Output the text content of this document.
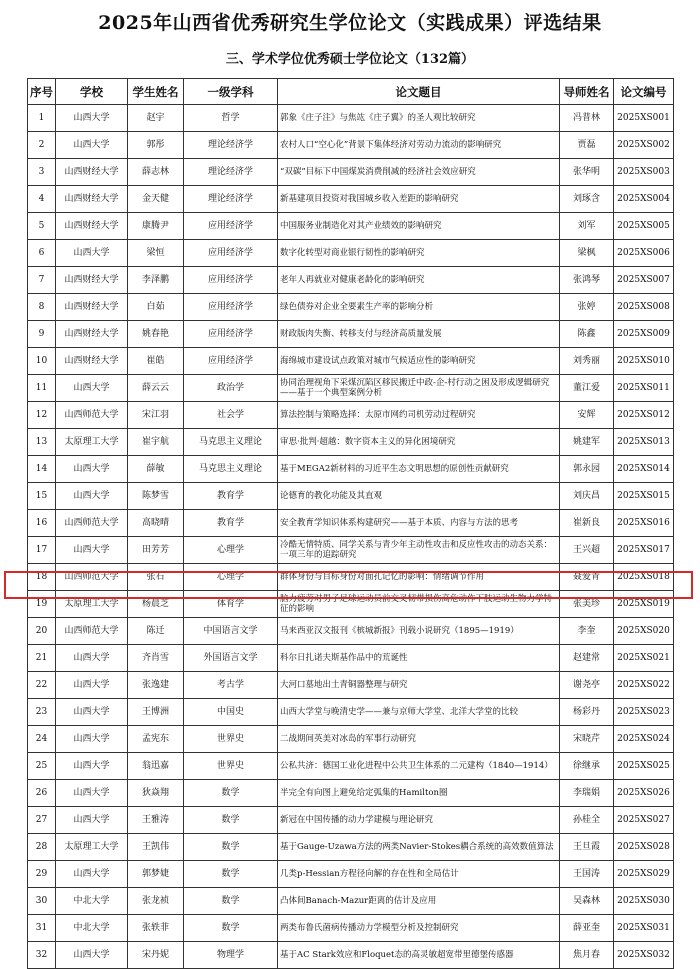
2025年山西省优秀研究生学位论文（实践成果）评选结果
三、学术学位优秀硕士学位论文（132篇）
序号	学校	学生姓名	一级学科	论文题目	导师姓名	论文编号
1	山西大学	赵宇	哲学	郭象《庄子注》与焦竑《庄子翼》的圣人观比较研究	冯普林	2025XS001
2	山西大学	郭彤	理论经济学	农村人口“空心化”背景下集体经济对劳动力流动的影响研究	贾磊	2025XS002
3	山西财经大学	薛志林	理论经济学	“双碳”目标下中国煤炭消费削减的经济社会效应研究	张华明	2025XS003
4	山西财经大学	金天健	理论经济学	新基建项目投资对我国城乡收入差距的影响研究	刘琢含	2025XS004
5	山西财经大学	康腾尹	应用经济学	中国服务业制造化对其产业绩效的影响研究	刘军	2025XS005
6	山西大学	梁恒	应用经济学	数字化转型对商业银行韧性的影响研究	梁枫	2025XS006
7	山西财经大学	李泽鹏	应用经济学	老年人再就业对健康老龄化的影响研究	张鸿琴	2025XS007
8	山西财经大学	白茹	应用经济学	绿色债券对企业全要素生产率的影响分析	张婷	2025XS008
9	山西财经大学	姚春艳	应用经济学	财政版肉失衡、转移支付与经济高质量发展	陈鑫	2025XS009
10	山西财经大学	崔皓	应用经济学	海绵城市建设试点政策对城市气候适应性的影响研究	刘秀丽	2025XS010
11	山西大学	薛云云	政治学	协同治理视角下采煤沉陷区移民搬迁中政-企-村行动之困及形成逻辑研究——基于一个典型案例分析	董江爱	2025XS011
12	山西师范大学	宋江羽	社会学	算法控制与策略选择：太原市网约司机劳动过程研究	安辉	2025XS012
13	太原理工大学	崔宇航	马克思主义理论	审思·批判·超越：数字资本主义的异化困境研究	姚建军	2025XS013
14	山西大学	薛敏	马克思主义理论	基于MEGA2新材料的习近平生态文明思想的原创性贡献研究	郭永园	2025XS014
15	山西大学	陈梦雪	教育学	论德育的教化功能及其直观	刘庆昌	2025XS015
16	山西师范大学	高晓晴	教育学	安全教育学知识体系构建研究——基于本质、内容与方法的思考	崔新良	2025XS016
17	山西大学	田芳芳	心理学	冷酷无情特质、同学关系与青少年主动性攻击和反应性攻击的动态关系：一项三年的追踪研究	王兴超	2025XS017
18	山西师范大学	张石	心理学	群体身份与目标身份对面孔记忆的影响：情绪调节作用	聂爱青	2025XS018
19	太原理工大学	杨晨芝	体育学	脑力疲劳对男子足球运动员前交叉韧带损伤高危动作下肢运动生物力学特征的影响	张美珍	2025XS019
20	山西师范大学	陈迁	中国语言文学	马来西亚汉文报刊《槟城新报》刊载小说研究（1895—1919）	李奎	2025XS020
21	山西大学	齐肖雪	外国语言文学	科尔日扎诺夫斯基作品中的荒诞性	赵建常	2025XS021
22	山西大学	张逸建	考古学	大河口墓地出土青铜器整理与研究	谢尧亭	2025XS022
23	山西大学	王博洲	中国史	山西大学堂与晚清史学——兼与京师大学堂、北洋大学堂的比较	杨彩丹	2025XS023
24	山西大学	孟宪东	世界史	二战期间英美对冰岛的军事行动研究	宋晓芹	2025XS024
25	山西大学	翁迅嘉	世界史	公私共济：德国工业化进程中公共卫生体系的二元建构（1840—1914）	徐继承	2025XS025
26	山西大学	狄焱翔	数学	半完全有向图上避免给定弧集的Hamilton圈	李瑞娟	2025XS026
27	山西大学	王雅涛	数学	新冠在中国传播的动力学建模与理论研究	孙桂全	2025XS027
28	太原理工大学	王凯伟	数学	基于Gauge-Uzawa方法的两类Navier-Stokes耦合系统的高效数值算法	王旦霞	2025XS028
29	山西大学	郭梦婕	数学	几类p-Hessian方程径向解的存在性和全局估计	王国涛	2025XS029
30	中北大学	张龙祯	数学	凸体间Banach-Mazur距离的估计及应用	吴森林	2025XS030
31	中北大学	张轶菲	数学	两类布鲁氏菌病传播动力学模型分析及控制研究	薛亚奎	2025XS031
32	山西大学	宋丹妮	物理学	基于AC Stark效应和Floquet态的高灵敏超宽带里德堡传感器	焦月春	2025XS032
